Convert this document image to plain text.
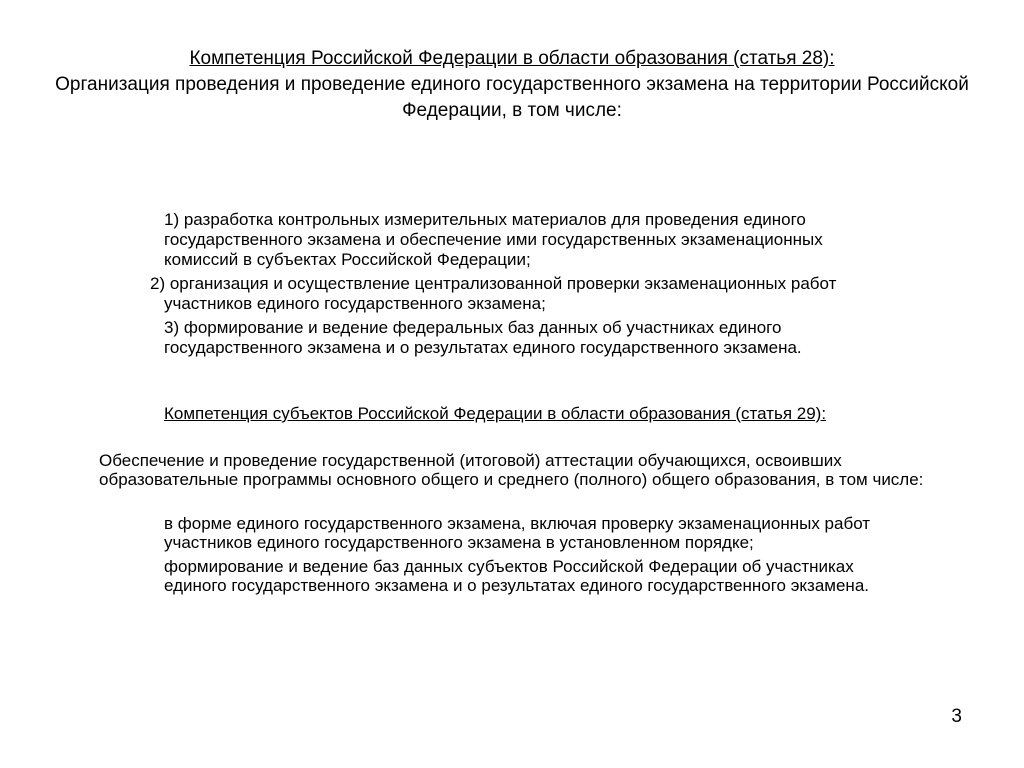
Компетенция Российской Федерации в области образования (статья 28):
Организация проведения и проведение единого государственного экзамена на территории Российской Федерации, в том числе:

1) разработка контрольных измерительных материалов для проведения единого государственного экзамена и обеспечение ими государственных экзаменационных комиссий в субъектах Российской Федерации;

2) организация и осуществление централизованной проверки экзаменационных работ участников единого государственного экзамена;

3) формирование и ведение федеральных баз данных об участниках единого государственного экзамена и о результатах единого государственного экзамена.

Компетенция субъектов Российской Федерации в области образования (статья 29):
Обеспечение и проведение государственной (итоговой) аттестации обучающихся, освоивших образовательные программы основного общего и среднего (полного) общего образования, в том числе:

в форме единого государственного экзамена, включая проверку экзаменационных работ участников единого государственного экзамена в установленном порядке;

формирование и ведение баз данных субъектов Российской Федерации об участниках единого государственного экзамена и о результатах единого государственного экзамена.

3
